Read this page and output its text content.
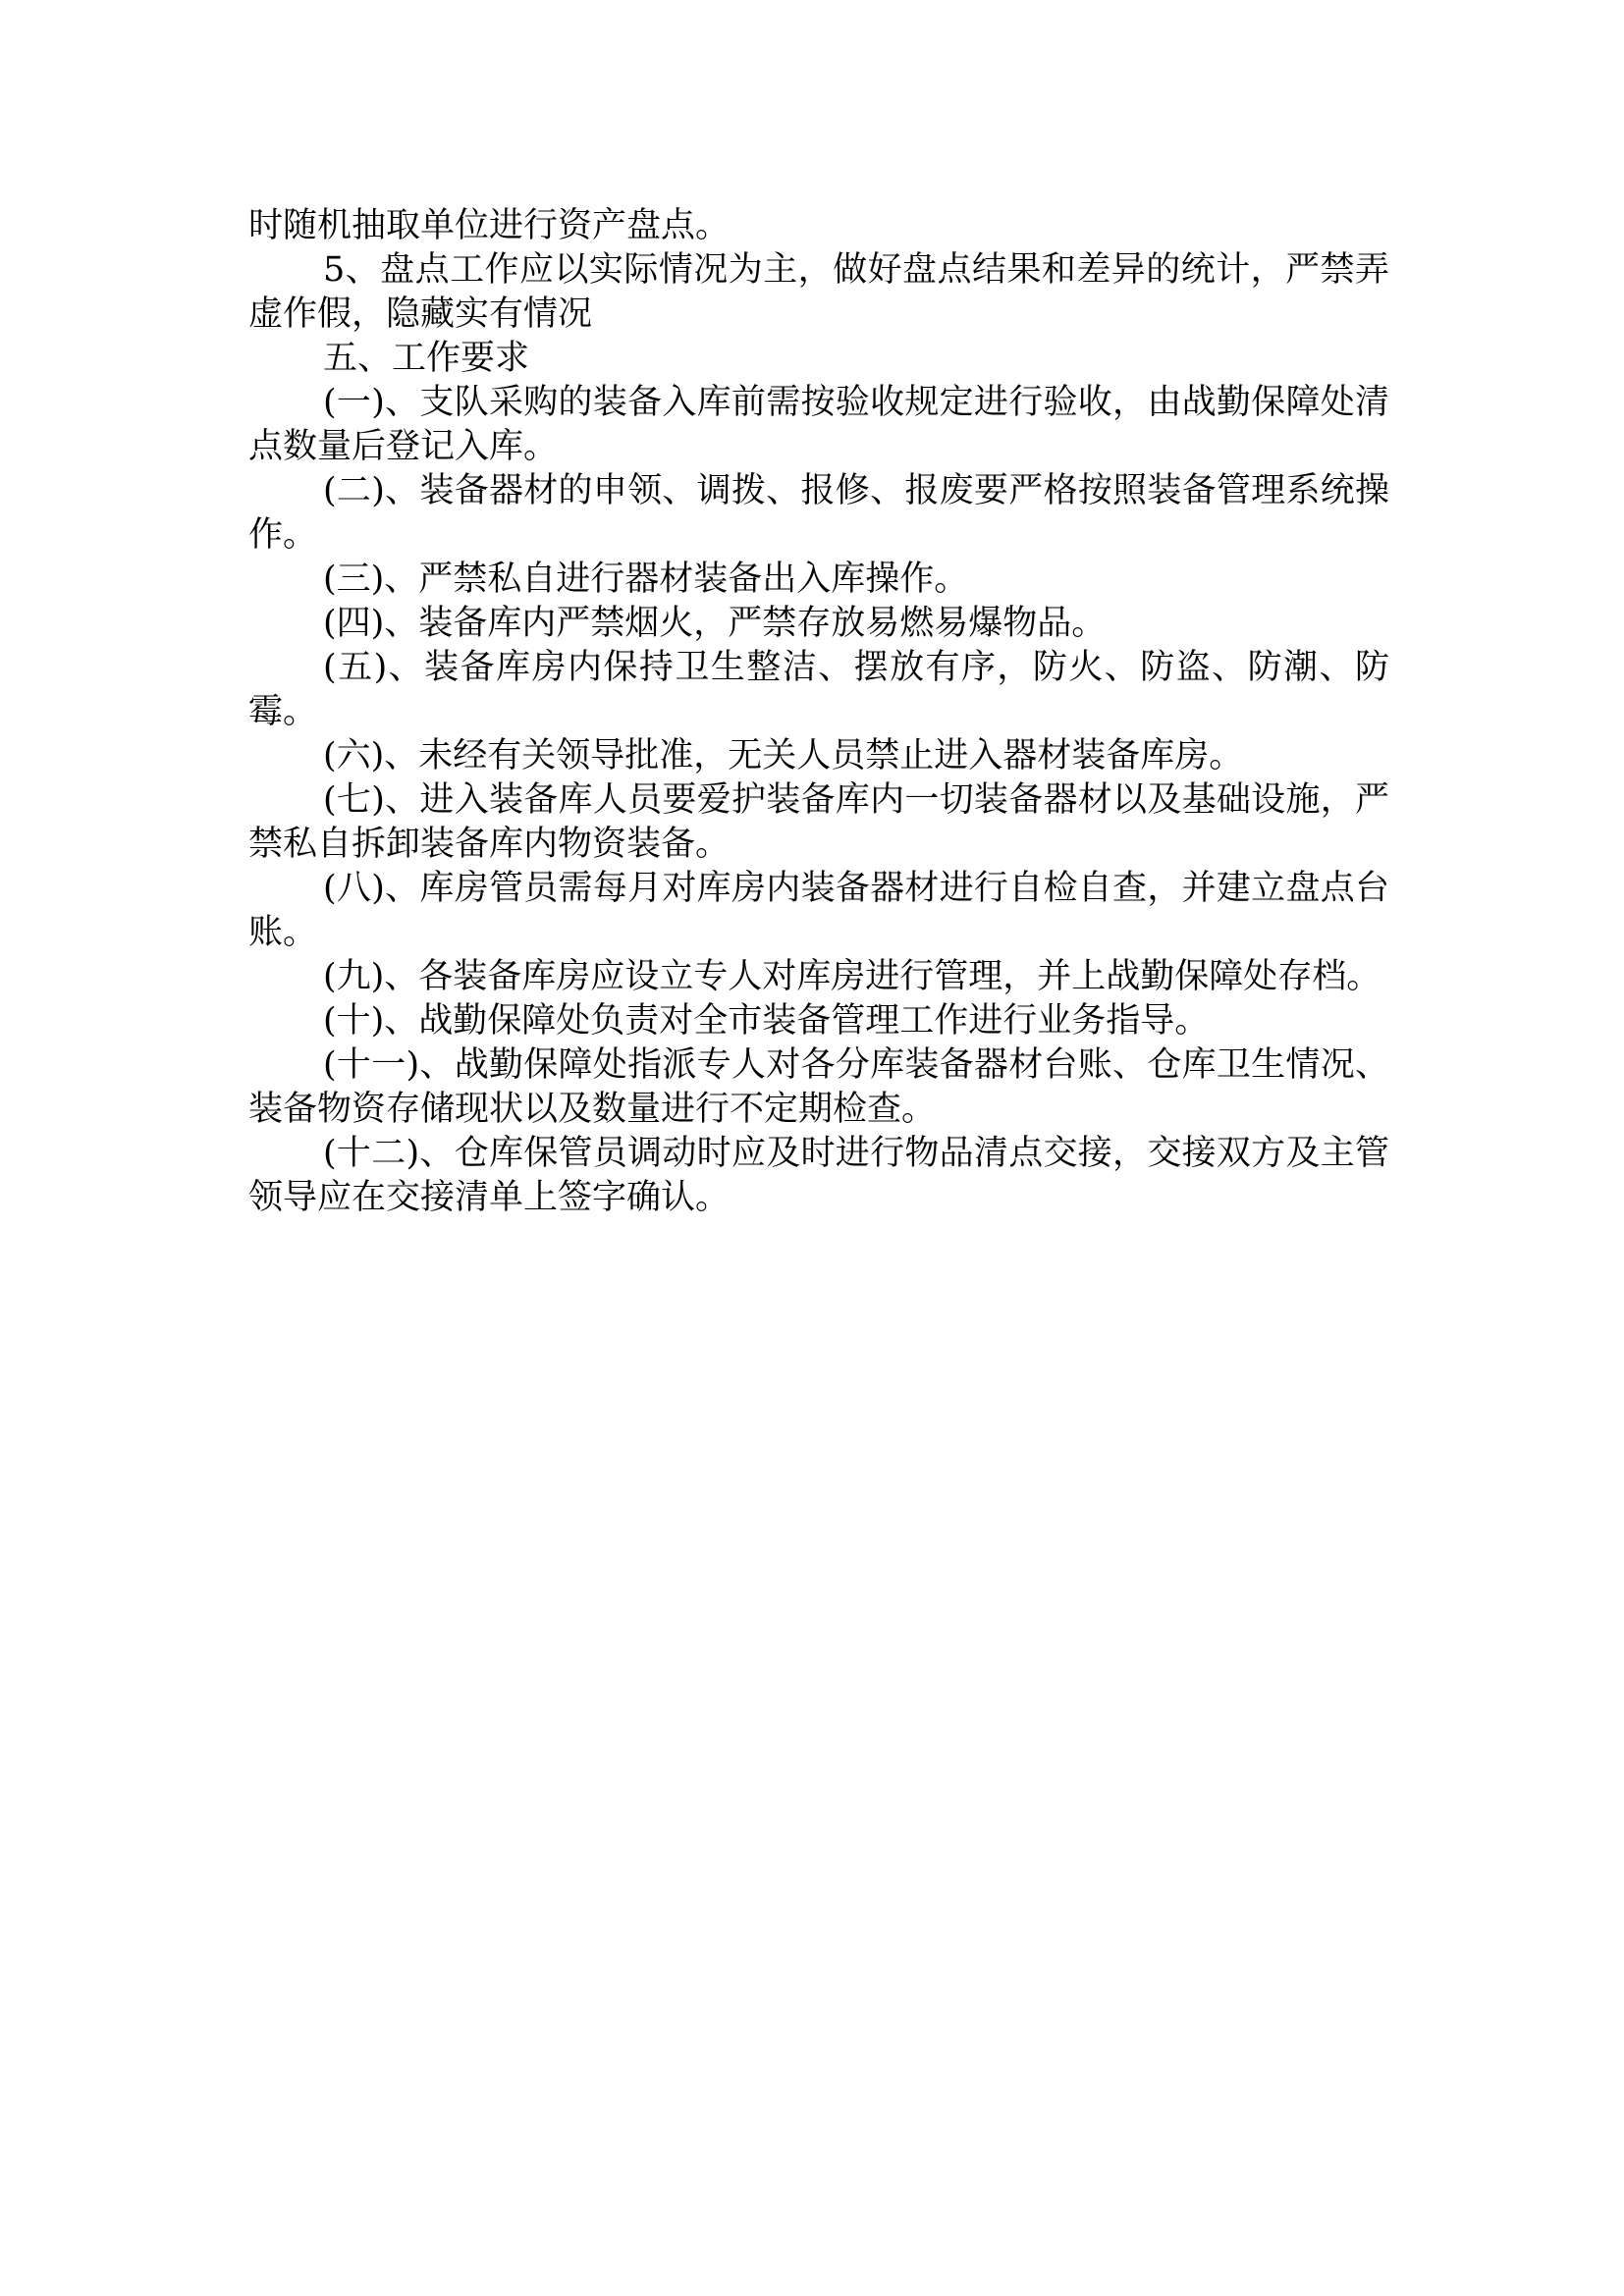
时随机抽取单位进行资产盘点。

5、盘点工作应以实际情况为主，做好盘点结果和差异的统计，严禁弄虚作假，隐藏实有情况

五、工作要求

(一)、支队采购的装备入库前需按验收规定进行验收，由战勤保障处清点数量后登记入库。

(二)、装备器材的申领、调拨、报修、报废要严格按照装备管理系统操作。

(三)、严禁私自进行器材装备出入库操作。

(四)、装备库内严禁烟火，严禁存放易燃易爆物品。

(五)、装备库房内保持卫生整洁、摆放有序，防火、防盗、防潮、防霉。

(六)、未经有关领导批准，无关人员禁止进入器材装备库房。

(七)、进入装备库人员要爱护装备库内一切装备器材以及基础设施，严禁私自拆卸装备库内物资装备。

(八)、库房管员需每月对库房内装备器材进行自检自查，并建立盘点台账。

(九)、各装备库房应设立专人对库房进行管理，并上战勤保障处存档。

(十)、战勤保障处负责对全市装备管理工作进行业务指导。

(十一)、战勤保障处指派专人对各分库装备器材台账、仓库卫生情况、装备物资存储现状以及数量进行不定期检查。

(十二)、仓库保管员调动时应及时进行物品清点交接，交接双方及主管领导应在交接清单上签字确认。
